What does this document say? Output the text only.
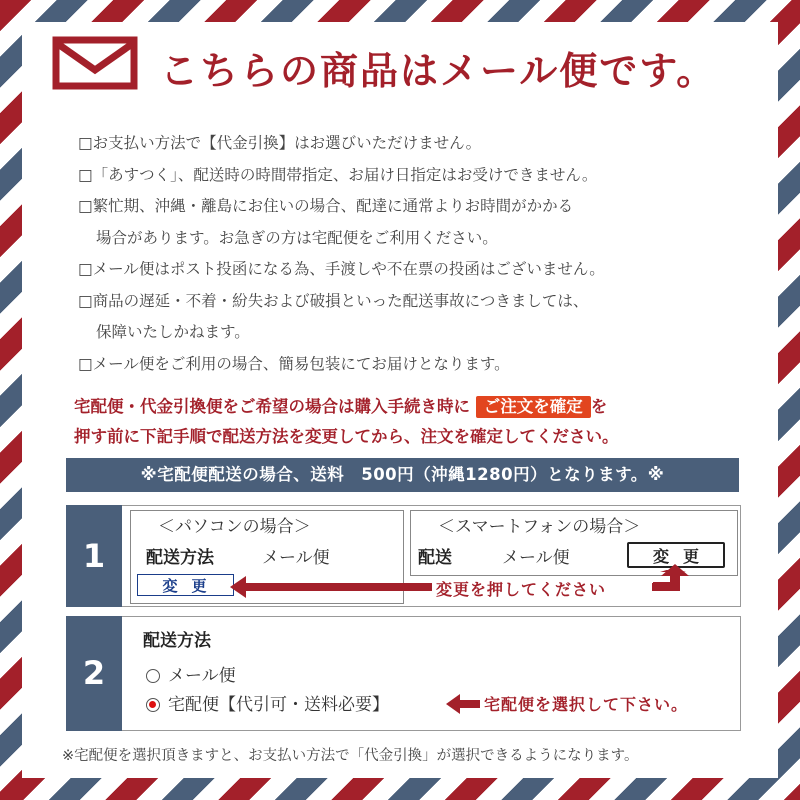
こちらの商品はメール便です。
□お支払い方法で【代金引換】はお選びいただけません。
□「あすつく」、配送時の時間帯指定、お届け日指定はお受けできません。
□繁忙期、沖縄・離島にお住いの場合、配達に通常よりお時間がかかる
場合があります。お急ぎの方は宅配便をご利用ください。
□メール便はポスト投函になる為、手渡しや不在票の投函はございません。
□商品の遅延・不着・紛失および破損といった配送事故につきましては、
保障いたしかねます。
□メール便をご利用の場合、簡易包装にてお届けとなります。
宅配便・代金引換便をご希望の場合は購入手続き時に ご注文を確定 を
押す前に下記手順で配送方法を変更してから、注文を確定してください。
※宅配便配送の場合、送料　500円（沖縄1280円）となります。※
1
＜パソコンの場合＞
配送方法	メール便
変更
＜スマートフォンの場合＞
配送	メール便	変更
変更を押してください
2
配送方法
メール便
宅配便【代引可・送料必要】	宅配便を選択して下さい。
※宅配便を選択頂きますと、お支払い方法で「代金引換」が選択できるようになります。
